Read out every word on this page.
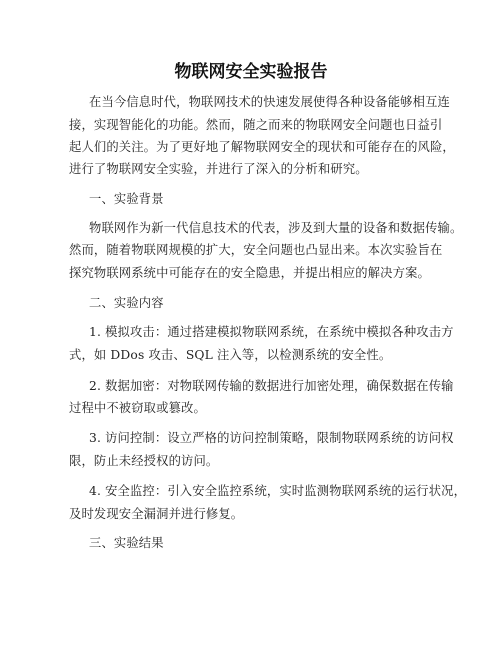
物联网安全实验报告
在当今信息时代，物联网技术的快速发展使得各种设备能够相互连
接，实现智能化的功能。然而，随之而来的物联网安全问题也日益引
起人们的关注。为了更好地了解物联网安全的现状和可能存在的风险，
进行了物联网安全实验，并进行了深入的分析和研究。
一、实验背景
物联网作为新一代信息技术的代表，涉及到大量的设备和数据传输。
然而，随着物联网规模的扩大，安全问题也凸显出来。本次实验旨在
探究物联网系统中可能存在的安全隐患，并提出相应的解决方案。
二、实验内容
1. 模拟攻击：通过搭建模拟物联网系统，在系统中模拟各种攻击方
式，如 DDos 攻击、SQL 注入等，以检测系统的安全性。
2. 数据加密：对物联网传输的数据进行加密处理，确保数据在传输
过程中不被窃取或篡改。
3. 访问控制：设立严格的访问控制策略，限制物联网系统的访问权
限，防止未经授权的访问。
4. 安全监控：引入安全监控系统，实时监测物联网系统的运行状况，
及时发现安全漏洞并进行修复。
三、实验结果
